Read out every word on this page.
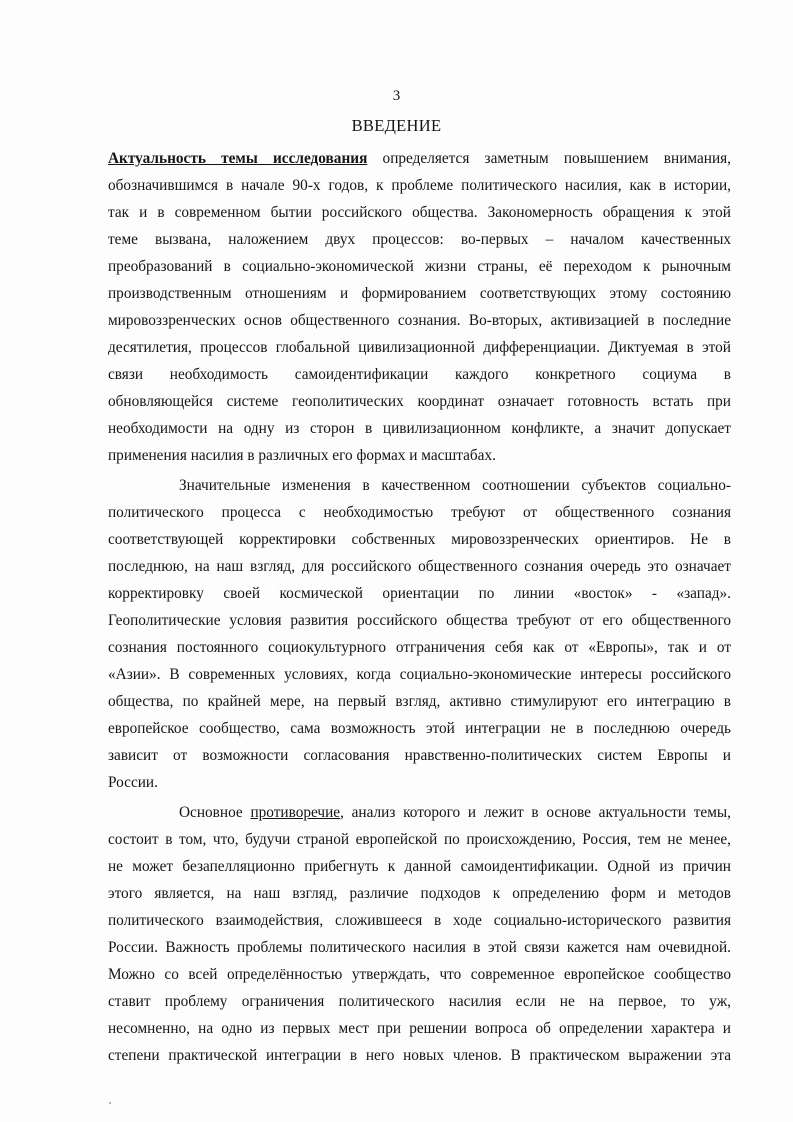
3
ВВЕДЕНИЕ
Актуальность темы исследования определяется заметным повышением внимания,
обозначившимся в начале 90-х годов, к проблеме политического насилия, как в истории,
так и в современном бытии российского общества. Закономерность обращения к этой
теме вызвана, наложением двух процессов: во-первых – началом качественных
преобразований в социально-экономической жизни страны, её переходом к рыночным
производственным отношениям и формированием соответствующих этому состоянию
мировоззренческих основ общественного сознания. Во-вторых, активизацией в последние
десятилетия, процессов глобальной цивилизационной дифференциации. Диктуемая в этой
связи необходимость самоидентификации каждого конкретного социума в
обновляющейся системе геополитических координат означает готовность встать при
необходимости на одну из сторон в цивилизационном конфликте, а значит допускает
применения насилия в различных его формах и масштабах.
Значительные изменения в качественном соотношении субъектов социально-
политического процесса с необходимостью требуют от общественного сознания
соответствующей корректировки собственных мировоззренческих ориентиров. Не в
последнюю, на наш взгляд, для российского общественного сознания очередь это означает
корректировку своей космической ориентации по линии «восток» - «запад».
Геополитические условия развития российского общества требуют от его общественного
сознания постоянного социокультурного отграничения себя как от «Европы», так и от
«Азии». В современных условиях, когда социально-экономические интересы российского
общества, по крайней мере, на первый взгляд, активно стимулируют его интеграцию в
европейское сообщество, сама возможность этой интеграции не в последнюю очередь
зависит от возможности согласования нравственно-политических систем Европы и
России.
Основное противоречие, анализ которого и лежит в основе актуальности темы,
состоит в том, что, будучи страной европейской по происхождению, Россия, тем не менее,
не может безапелляционно прибегнуть к данной самоидентификации. Одной из причин
этого является, на наш взгляд, различие подходов к определению форм и методов
политического взаимодействия, сложившееся в ходе социально-исторического развития
России. Важность проблемы политического насилия в этой связи кажется нам очевидной.
Можно со всей определённостью утверждать, что современное европейское сообщество
ставит проблему ограничения политического насилия если не на первое, то уж,
несомненно, на одно из первых мест при решении вопроса об определении характера и
степени практической интеграции в него новых членов. В практическом выражении эта
